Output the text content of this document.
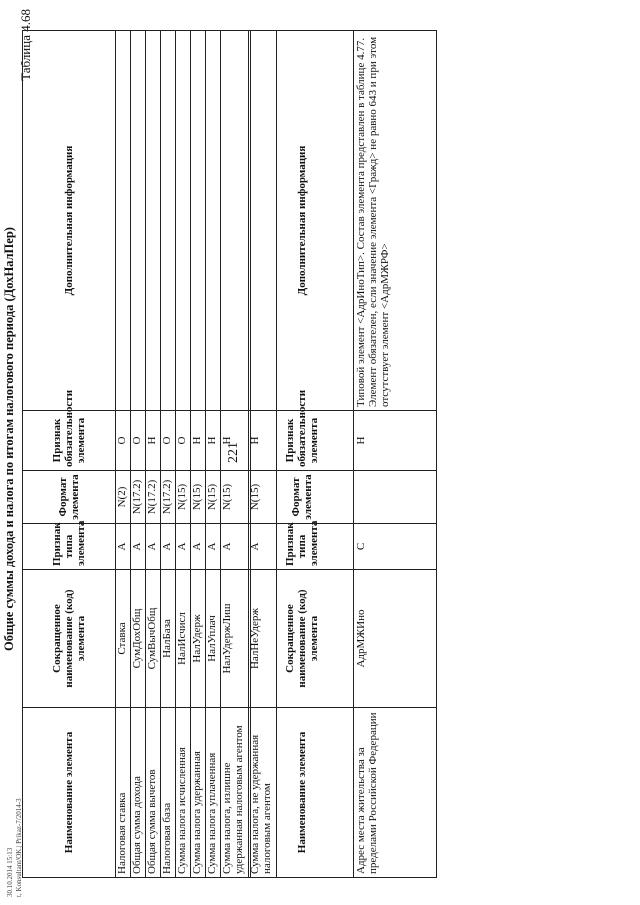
30.10.2014 15:13 t, Konsultant/OK.| Prikaz-7/2014-3
Таблица 4.68
Общие суммы дохода и налога по итогам налогового периода (ДохНалПер)
Наименование элемента	Сокращенное наименование (код) элемента	Признак типа элемента	Формат элемента	Признак обязательности элемента	Дополнительная информация
Налоговая ставка	Ставка	А	N(2)	О	
Общая сумма дохода	СумДохОбщ	А	N(17.2)	О	
Общая сумма вычетов	СумВычОбщ	А	N(17.2)	Н	
Налоговая база	НалБаза	А	N(17.2)	О	
Сумма налога исчисленная	НалИсчисл	А	N(15)	О	
Сумма налога удержанная	НалУдерж	А	N(15)	Н	
Сумма налога уплаченная	НалУплач	А	N(15)	Н	
Сумма налога, излишне удержанная налоговым агентом	НалУдержЛиш	А	N(15)	Н	
Сумма налога, не удержанная налоговым агентом	НалНеУдерж	А	N(15)	Н	
221
Наименование элемента	Сокращенное наименование (код) элемента	Признак типа элемента	Формат элемента	Признак обязательности элемента	Дополнительная информация
Адрес места жительства за пределами Российской Федерации	АдрМЖИно	С		Н	Типовой элемент <АдрИноТип>. Состав элемента представлен в таблице 4.77. Элемент обязателен, если значение элемента <Гражд> не равно 643 и при этом отсутствует элемент <АдрМЖРФ>
